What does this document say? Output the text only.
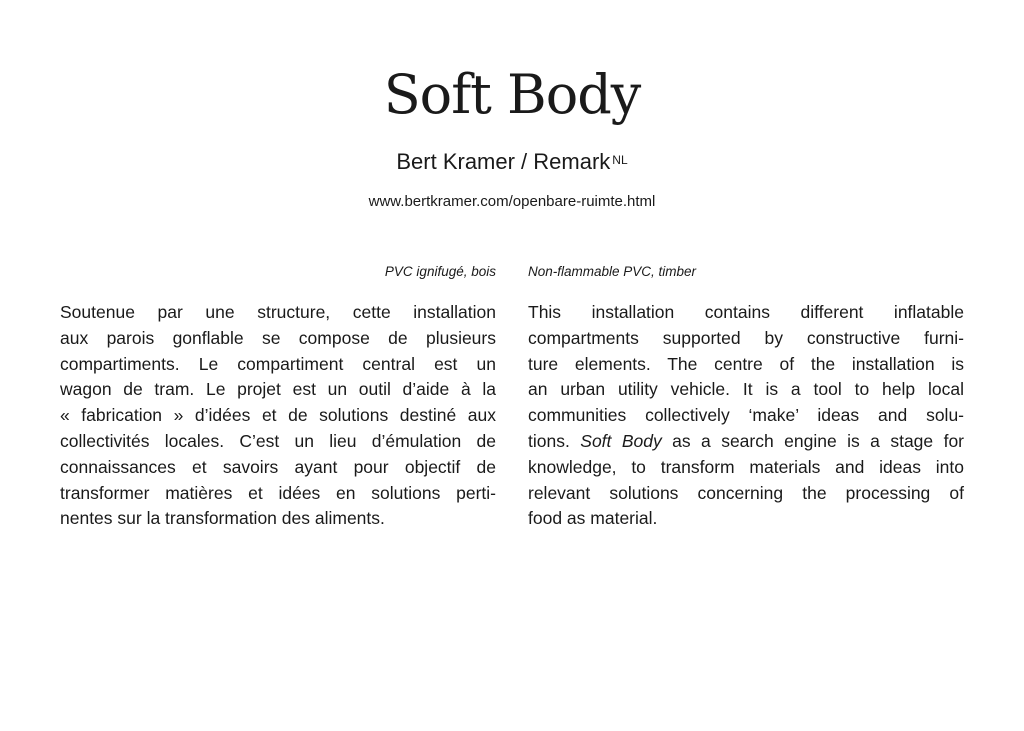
Soft Body
Bert Kramer / Remark $^{NL}$
www.bertkramer.com/openbare-ruimte.html
PVC ignifugé, bois Non-flammable PVC, timber
Soutenue par une structure, cette installation
aux parois gonflable se compose de plusieurs
compartiments. Le compartiment central est un
wagon de tram. Le projet est un outil d’aide à la
« fabrication » d’idées et de solutions destiné aux
collectivités locales. C’est un lieu d’émulation de
connaissances et savoirs ayant pour objectif de
transformer matières et idées en solutions perti-
nentes sur la transformation des aliments.
This installation contains different inflatable
compartments supported by constructive furni-
ture elements. The centre of the installation is
an urban utility vehicle. It is a tool to help local
communities collectively ‘make’ ideas and solu-
tions. Soft Body as a search engine is a stage for
knowledge, to transform materials and ideas into
relevant solutions concerning the processing of
food as material.
